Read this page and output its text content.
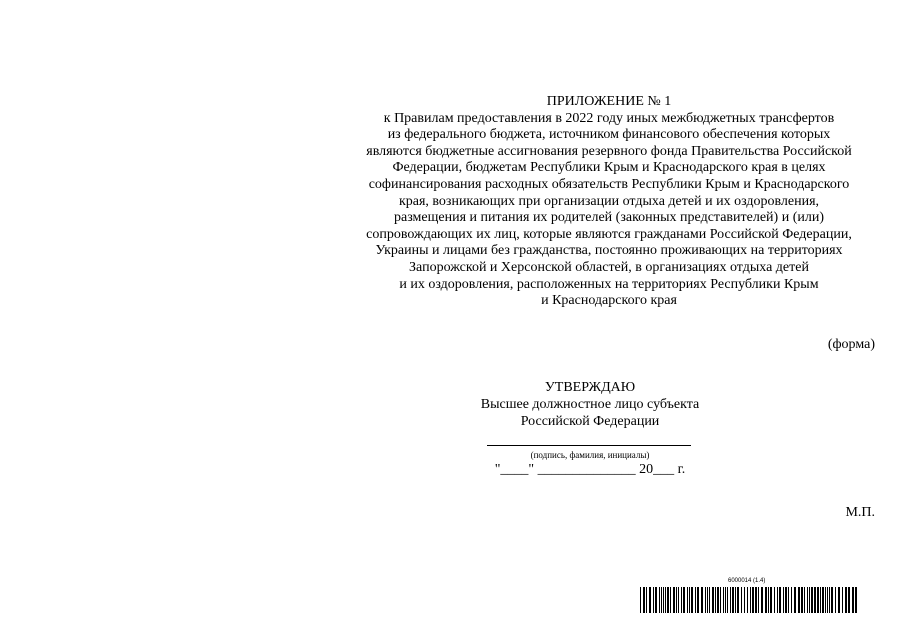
ПРИЛОЖЕНИЕ № 1
к Правилам предоставления в 2022 году иных межбюджетных трансфертов
из федерального бюджета, источником финансового обеспечения которых
являются бюджетные ассигнования резервного фонда Правительства Российской
Федерации, бюджетам Республики Крым и Краснодарского края в целях
софинансирования расходных обязательств Республики Крым и Краснодарского
края, возникающих при организации отдыха детей и их оздоровления,
размещения и питания их родителей (законных представителей) и (или)
сопровождающих их лиц, которые являются гражданами Российской Федерации,
Украины и лицами без гражданства, постоянно проживающих на территориях
Запорожской и Херсонской областей, в организациях отдыха детей
и их оздоровления, расположенных на территориях Республики Крым
и Краснодарского края
(форма)
УТВЕРЖДАЮ
Высшее должностное лицо субъекта
Российской Федерации
(подпись, фамилия, инициалы)
"____" ______________ 20___ г.
М.П.
6000014 (1.4)
